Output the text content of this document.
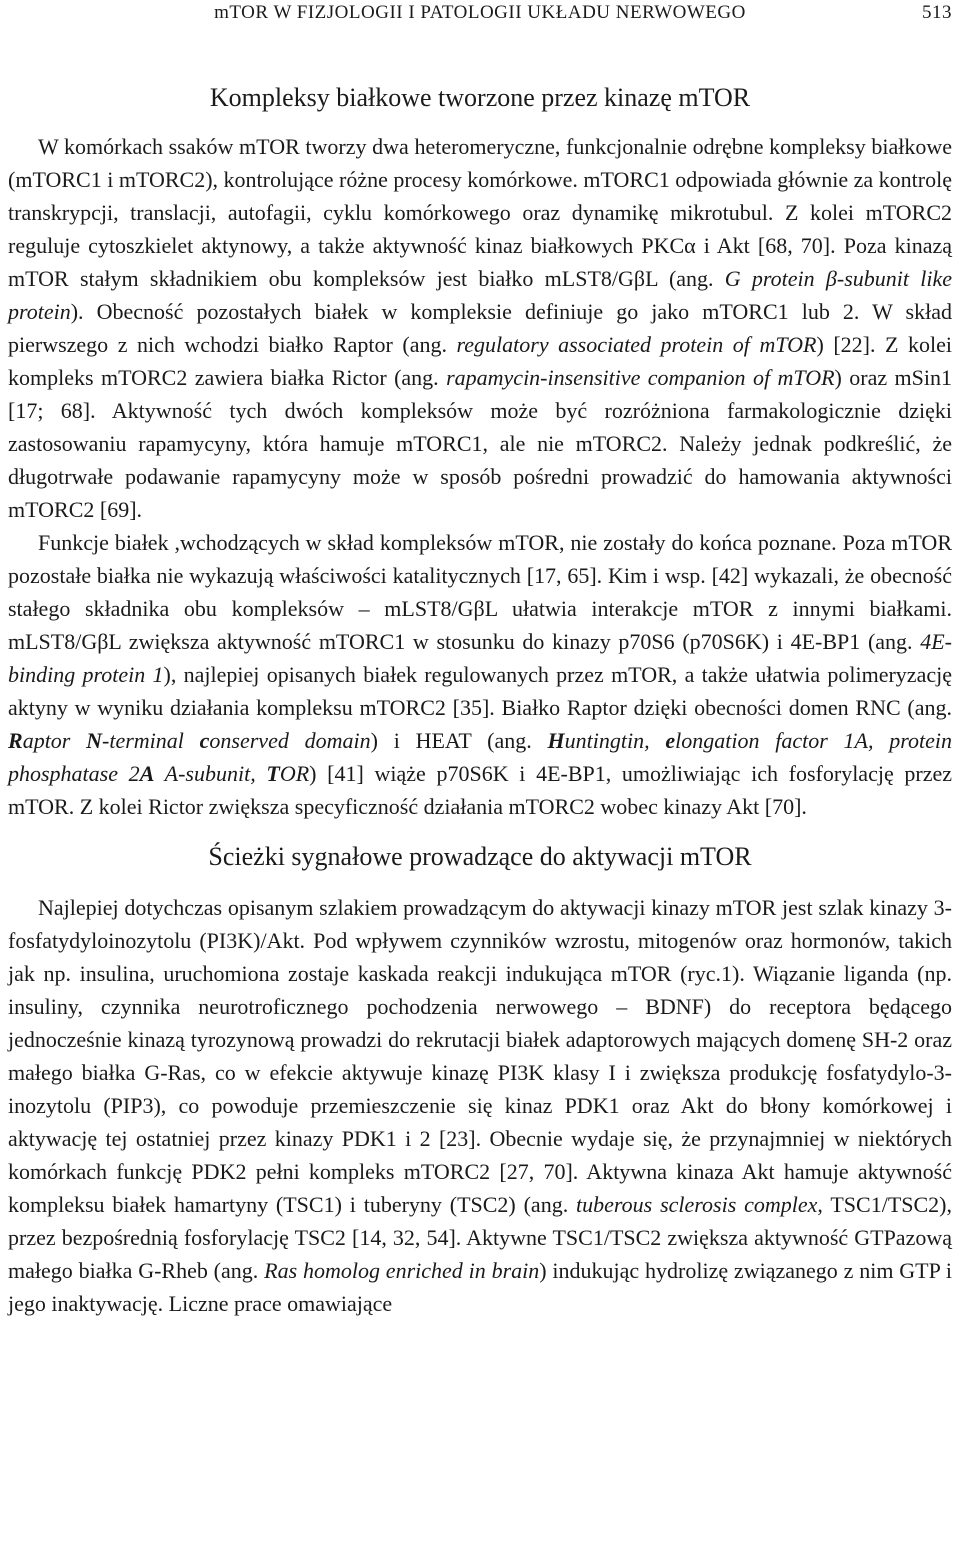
mTOR W FIZJOLOGII I PATOLOGII UKŁADU NERWOWEGO	513
Kompleksy białkowe tworzone przez kinazę mTOR

W komórkach ssaków mTOR tworzy dwa heteromeryczne, funkcjonalnie odrębne kompleksy białkowe (mTORC1 i mTORC2), kontrolujące różne procesy komórkowe. mTORC1 odpowiada głównie za kontrolę transkrypcji, translacji, autofagii, cyklu komórkowego oraz dynamikę mikrotubul. Z kolei mTORC2 reguluje cytoszkielet aktynowy, a także aktywność kinaz białkowych PKCα i Akt [68, 70]. Poza kinazą mTOR stałym składnikiem obu kompleksów jest białko mLST8/GβL (ang. G protein β-subunit like protein). Obecność pozostałych białek w kompleksie definiuje go jako mTORC1 lub 2. W skład pierwszego z nich wchodzi białko Raptor (ang. regulatory associated protein of mTOR) [22]. Z kolei kompleks mTORC2 zawiera białka Rictor (ang. rapamycin-insensitive companion of mTOR) oraz mSin1 [17; 68]. Aktywność tych dwóch kompleksów może być rozróżniona farmakologicznie dzięki zastosowaniu rapamycyny, która hamuje mTORC1, ale nie mTORC2. Należy jednak podkreślić, że długotrwałe podawanie rapamycyny może w sposób pośredni prowadzić do hamowania aktywności mTORC2 [69].

Funkcje białek ,wchodzących w skład kompleksów mTOR, nie zostały do końca poznane. Poza mTOR pozostałe białka nie wykazują właściwości katalitycznych [17, 65]. Kim i wsp. [42] wykazali, że obecność stałego składnika obu kompleksów – mLST8/GβL ułatwia interakcje mTOR z innymi białkami. mLST8/GβL zwiększa aktywność mTORC1 w stosunku do kinazy p70S6 (p70S6K) i 4E-BP1 (ang. 4E-binding protein 1), najlepiej opisanych białek regulowanych przez mTOR, a także ułatwia polimeryzację aktyny w wyniku działania kompleksu mTORC2 [35]. Białko Raptor dzięki obecności domen RNC (ang. Raptor N-terminal conserved domain) i HEAT (ang. Huntingtin, elongation factor 1A, protein phosphatase 2A A-subunit, TOR) [41] wiąże p70S6K i 4E-BP1, umożliwiając ich fosforylację przez mTOR. Z kolei Rictor zwiększa specyficzność działania mTORC2 wobec kinazy Akt [70].

Ścieżki sygnałowe prowadzące do aktywacji mTOR

Najlepiej dotychczas opisanym szlakiem prowadzącym do aktywacji kinazy mTOR jest szlak kinazy 3-fosfatydyloinozytolu (PI3K)/Akt. Pod wpływem czynników wzrostu, mitogenów oraz hormonów, takich jak np. insulina, uruchomiona zostaje kaskada reakcji indukująca mTOR (ryc.1). Wiązanie liganda (np. insuliny, czynnika neurotroficznego pochodzenia nerwowego – BDNF) do receptora będącego jednocześnie kinazą tyrozynową prowadzi do rekrutacji białek adaptorowych mających domenę SH-2 oraz małego białka G-Ras, co w efekcie aktywuje kinazę PI3K klasy I i zwiększa produkcję fosfatydylo-3-inozytolu (PIP3), co powoduje przemieszczenie się kinaz PDK1 oraz Akt do błony komórkowej i aktywację tej ostatniej przez kinazy PDK1 i 2 [23]. Obecnie wydaje się, że przynajmniej w niektórych komórkach funkcję PDK2 pełni kompleks mTORC2 [27, 70]. Aktywna kinaza Akt hamuje aktywność kompleksu białek hamartyny (TSC1) i tuberyny (TSC2) (ang. tuberous sclerosis complex, TSC1/TSC2), przez bezpośrednią fosforylację TSC2 [14, 32, 54]. Aktywne TSC1/TSC2 zwiększa aktywność GTPazową małego białka G-Rheb (ang. Ras homolog enriched in brain) indukując hydrolizę związanego z nim GTP i jego inaktywację. Liczne prace omawiające
